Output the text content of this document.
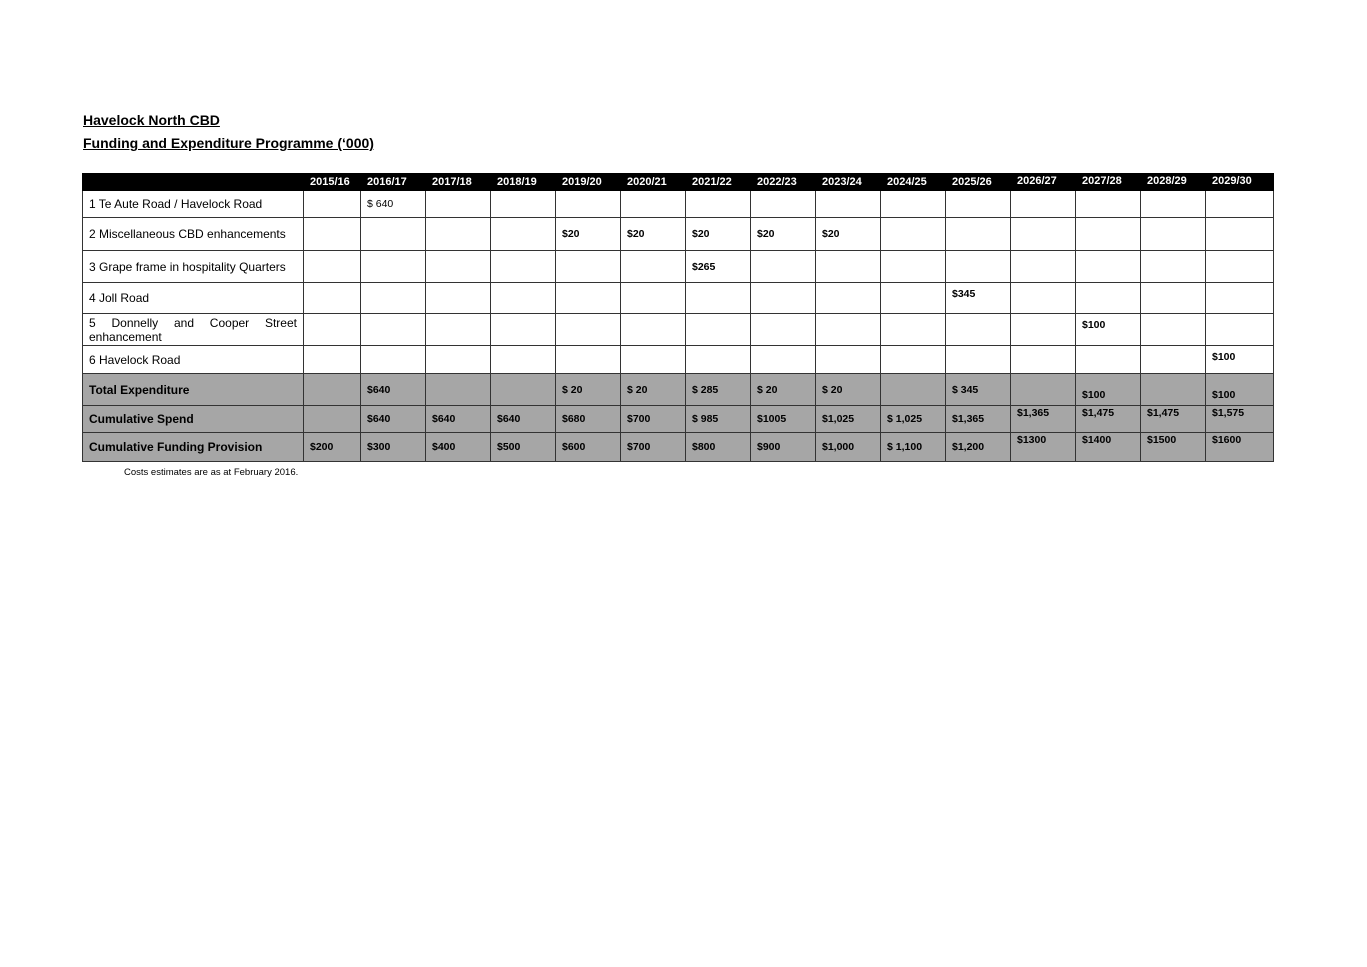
Havelock North CBD
Funding and Expenditure Programme (‘000)
	2015/16	2016/17	2017/18	2018/19	2019/20	2020/21	2021/22	2022/23	2023/24	2024/25	2025/26	2026/27	2027/28	2028/29	2029/30
1 Te Aute Road / Havelock Road		$ 640													
2 Miscellaneous CBD enhancements					$20	$20	$20	$20	$20						
3 Grape frame in hospitality Quarters							$265								
4 Joll Road											$345				

5 Donnelly and Cooper Street enhancement													$100		
6 Havelock Road															$100
Total Expenditure		$640			$ 20	$ 20	$ 285	$ 20	$ 20		$ 345		$100		$100
Cumulative Spend		$640	$640	$640	$680	$700	$ 985	$1005	$1,025	$ 1,025	$1,365	$1,365	$1,475	$1,475	$1,575
Cumulative Funding Provision	$200	$300	$400	$500	$600	$700	$800	$900	$1,000	$ 1,100	$1,200	$1300	$1400	$1500	$1600
Costs estimates are as at February 2016.
